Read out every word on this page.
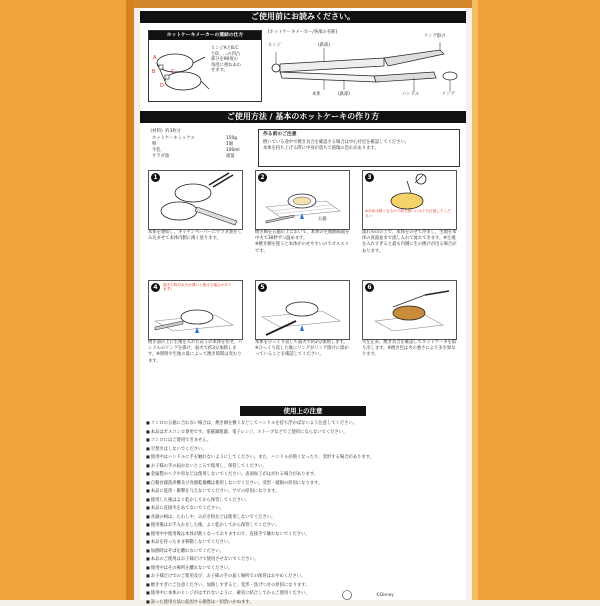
ご使用前にお読みください。
ホットケーキメーカーの連結の仕方
A
B	C
D
ヒンジAとB,C
とD、…の凹凸
部分を90度の
角度に重ねあわ
せます。
[ホットケーキメーカー/各部の名称]
ヒンジ	(鉄部)
本体	(鉄部)
リング掛け
ハンドル	リング
ご使用方法 / 基本のホットケーキの作り方
《材料》約3枚分
ホットケーキミックス	150g
卵	1個
牛乳	100ml
サラダ油	適量
作る前のご注意
焼いている途中で焼き具合を確認する場合は中心付近を確認してください。
本体を持ち上げる際に中身が落ちて熱傷の恐れがあります。
1
本体を連結し、キッチンペーパーにサラダ油をしみ込ませて本体内側に薄く塗ります。
2
五徳
焼き網を五徳の上において、本体の生地側両面を中火で30秒ずつ温めます。
※焼き網を使うと本体がのせやすいのでオススメです。
3
※本体は熱くなるので取り扱いには十分注意してください
濡れ布巾の上で、本体をのせて冷まし、生地を本体の真面並まで流し入れて流れてきます。※生地を入れすぎると最も内側に生の焼けが出る場合があります。
4	弱火で約3分(火が強いと焦げる場合があります)
焼き面の上に生地を入れたほうの本体を伏せ、ハンドルのリングを掛け、弱火で約3分加熱します。※照明や生地の量によって焼き時間は変わります。
5
本体をひっくり返して弱火で約2分加熱します。※ひっくり返した後にリングがリング掛けに掛かっていることを確認してください。
6
火を止め、焼き具合を確認してホットケーキを取り出します。※焼き色は火の強さにより多少異なります。
使用上の注意
■コンロの五徳に合わない場合は、焼き網を敷くなどしてハンドルを持ち浮かばないよう注意してください。
■本品はガスコンロ専用です。電磁調理器、電子レンジ、ストーブなどでご使用にならないでください。
■コンロにはご使用できません。
■空焚きはしないでください。
■使用中はハンドルに手を触れないようにしてください。また、ハンドルが熱くなったり、変形する場合があります。
■お子様の手の届かないところで使用し、保管してください。
■金属製のヘラや串などは使用しないでください。表面加工がはがれる場合があります。
■自動食器洗浄機及び食器乾燥機は使用しないでください。変形・破損の原因になります。
■本品に洗浄・衝撃を与えないでください。サビの原因になります。
■使用した後はよく乾かしてから保管してください。
■本品に直接火をあてないでください。
■食器の柄は、たわしや、みがき粉などは使用しないでください。
■使用後はお手入れをした後、よく乾かしてから保管してください。
■使用中や使用後は本体が熱くなっておりますので、直接手で触れないでください。
■本品を持ったまま移動しないでください。
■加熱時はそばを離れないでください。
■本品のご使用はお子様だけで使用させないでください。
■使用中はその場所を離れないでください。
■お子様だけでのご使用及び、お子様の手の届く場所での保管はおやめください。
■焼きすぎにご注意ください。加熱しすぎると、変形・焦げつきの原因になります。
■使用中に本体のヒンジがはずれないように、確実に結合してからご使用ください。
■誤った使用方法に起因する損害は一切負いかねます。
©Disney
